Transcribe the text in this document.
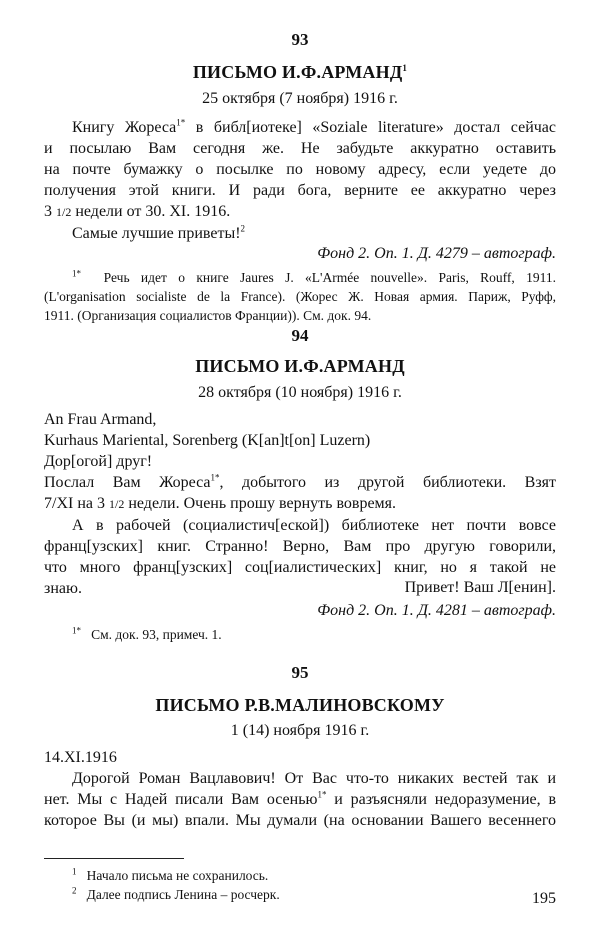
93
ПИСЬМО И.Ф.АРМАНД$^1$
25 октября (7 ноября) 1916 г.
Книгу Жореса$^{1*}$ в библ[иотеке] «Soziale literature» достал сейчас
и посылаю Вам сегодня же. Не забудьте аккуратно оставить
на почте бумажку о посылке по новому адресу, если уедете до
получения этой книги. И ради бога, верните ее аккуратно через
3 1/2 недели от 30. XI. 1916.
Самые лучшие приветы!$^2$
Фонд 2. Оп. 1. Д. 4279 – автограф.
$^{1*}$ Речь идет о книге Jaures J. «L'Armée nouvelle». Paris, Rouff, 1911.
(L'organisation socialiste de la France). (Жорес Ж. Новая армия. Париж, Руфф,
1911. (Организация социалистов Франции)). См. док. 94.
94
ПИСЬМО И.Ф.АРМАНД
28 октября (10 ноября) 1916 г.
An Frau Armand,
Kurhaus Mariental, Sorenberg (K[an]t[on] Luzern)
Дор[огой] друг!
Послал Вам Жореса$^{1*}$, добытого из другой библиотеки. Взят
7/XI на 3 1/2 недели. Очень прошу вернуть вовремя.
А в рабочей (социалистич[еской]) библиотеке нет почти вовсе
франц[узских] книг. Странно! Верно, Вам про другую говорили,
что много франц[узских] соц[иалистических] книг, но я такой не
знаю.	Привет! Ваш Л[енин].
Фонд 2. Оп. 1. Д. 4281 – автограф.
$^{1*}$ См. док. 93, примеч. 1.
95
ПИСЬМО Р.В.МАЛИНОВСКОМУ
1 (14) ноября 1916 г.
14.XI.1916
Дорогой Роман Вацлавович! От Вас что-то никаких вестей так и
нет. Мы с Надей писали Вам осенью$^{1*}$ и разъясняли недоразумение, в
которое Вы (и мы) впали. Мы думали (на основании Вашего весеннего
$^1$ Начало письма не сохранилось.
$^2$ Далее подпись Ленина – росчерк.	195
